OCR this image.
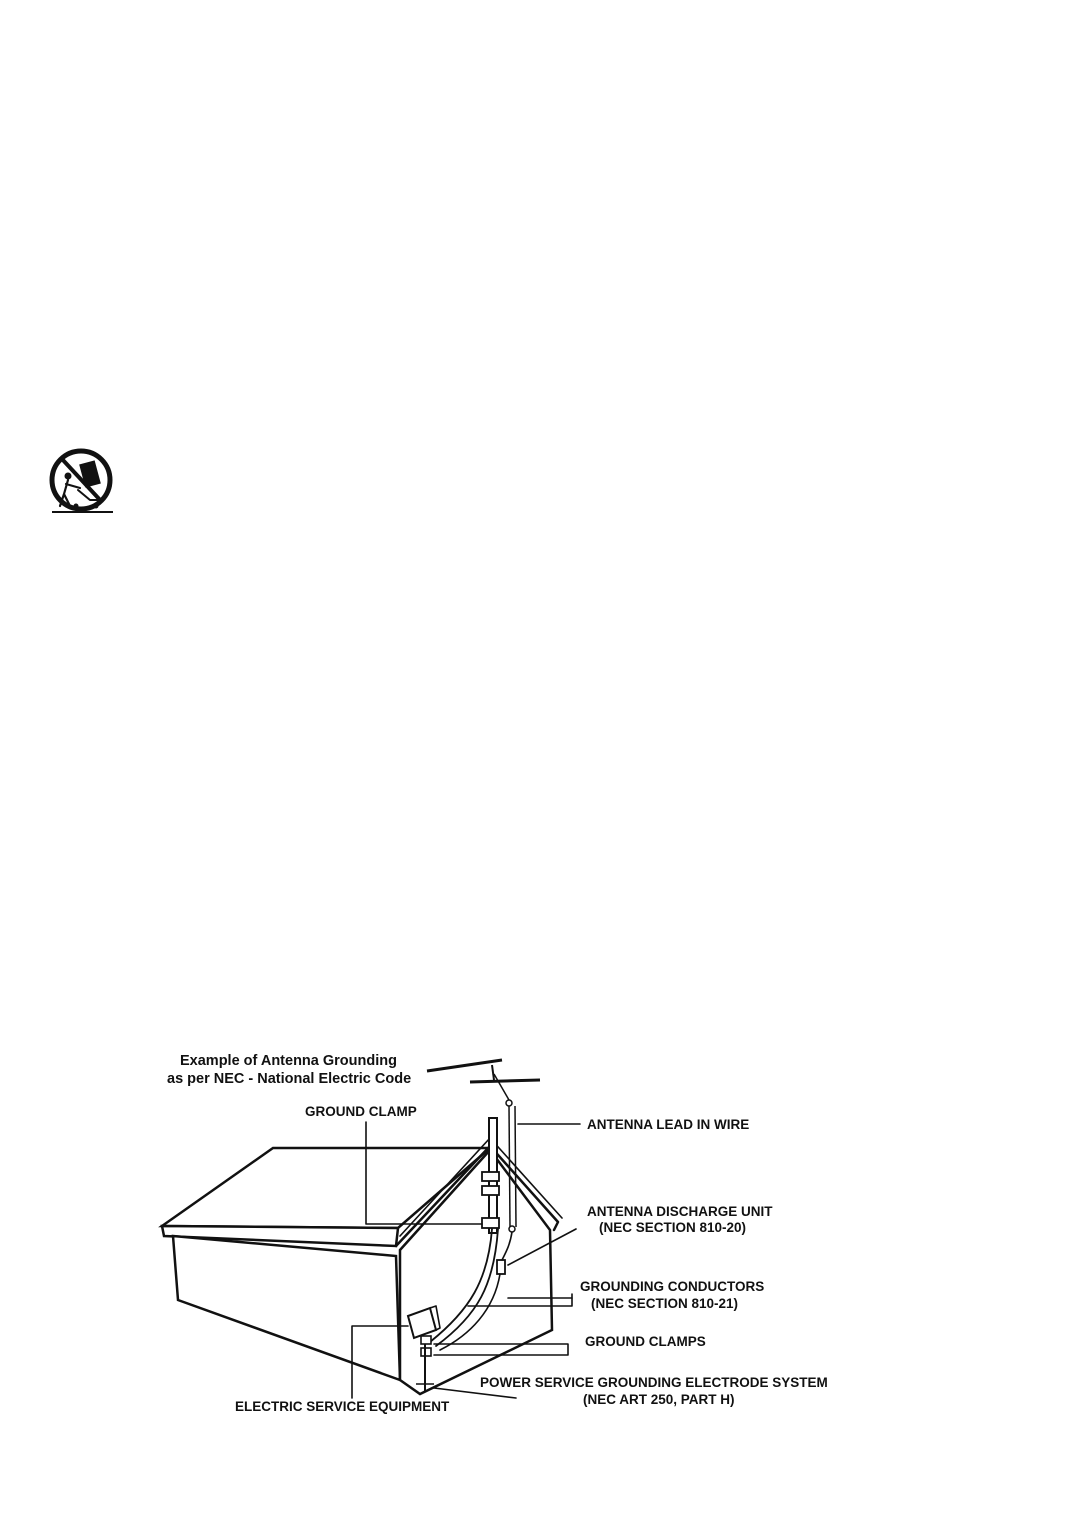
Example of Antenna Grounding
as per NEC - National Electric Code
GROUND CLAMP
ANTENNA LEAD IN WIRE
ANTENNA DISCHARGE UNIT
(NEC SECTION 810-20)
GROUNDING CONDUCTORS
(NEC SECTION 810-21)
GROUND CLAMPS
POWER SERVICE GROUNDING ELECTRODE SYSTEM
(NEC ART 250, PART H)
ELECTRIC SERVICE EQUIPMENT
